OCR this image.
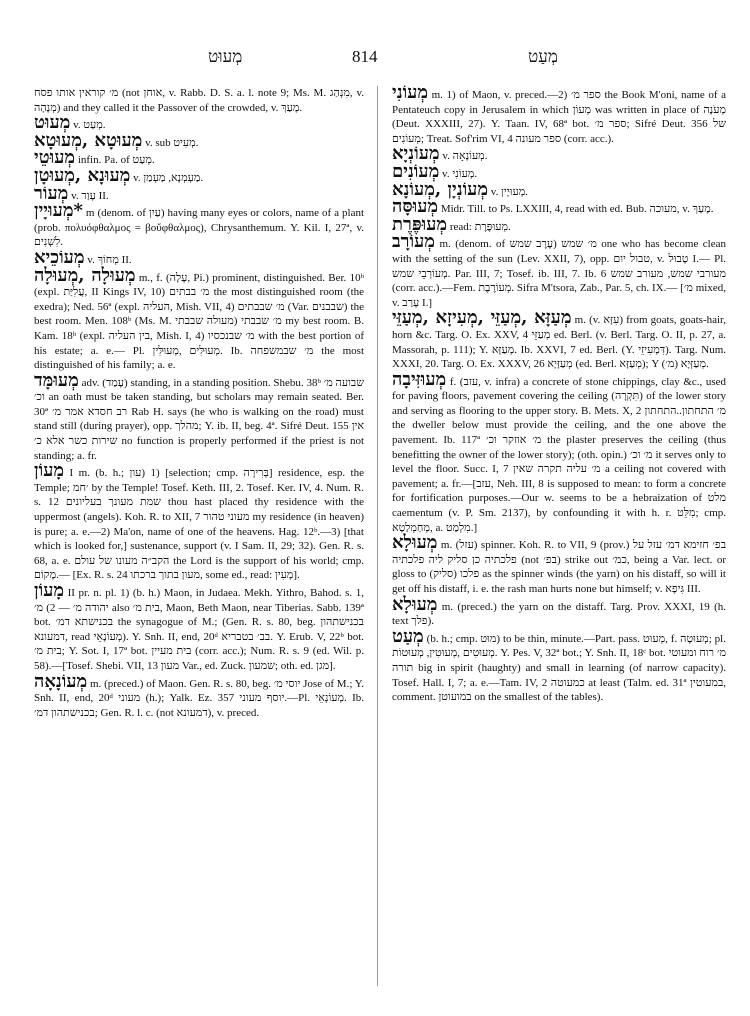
מְעוּט	814	מְעַט
מ׳ קוראין אותו פסח (not אוחן, v. Rabb. D. S. a. l. note 9; Ms. M. מִנְהַג, v. מְנָהָה) and they called it the Passover of the crowded, v. מָעַךְ.
מְעוּט v. מְעַט.
מְעוּטָא ,מְעוּטָא v. sub מְעִיט.
מְעוּטֵי infin. Pa. of מְעַט.
מְעוּנָא ,מְעוּטָן v. מַעְמְנָא, מַעְמַן.
מְעוֹר v. עָוַר II.
*מְעוּיָין m (denom. of עַיִן) having many eyes or colors, name of a plant (prob. πολυόφθαλμος = βοὔφθαλμος), Chrysanthemum. Y. Kil. I, 27ª, v. לִשְׁנִים.
מְעוֹכֵיא v. מְחוֹךְ II.
מְעוּלָה ,מְעוּלָה m., f. (עָלָה, Pi.) prominent, distinguished. Ber. 10ᵇ (expl. עֲלִיַּת, II Kings IV, 10) מ׳ בבתים the most distinguished room (the exedra); Ned. 56ª (expl. העליה, Mish. VII, 4) מ׳ שבבתים (Var. שבבנים) the best room. Men. 108ᵇ (Ms. M. מעולה שבבתי) מ׳ שבבתי my best room. B. Kam. 18ᵇ (expl. בין העליה, Mish. I, 4) מ׳ שבנכסיו with the best portion of his estate; a. e.— Pl. מְעוּלִּים ,מְעוּלִּין. Ib. מ׳ שבמשפחה the most distinguished of his family; a. e.
מְעוּמָּד adv. (עָמַד) standing, in a standing position. Shebu. 38ᵇ שבועה מ׳ וכ׳ an oath must be taken standing, but scholars may remain seated. Ber. 30ª רב חסדא אמר מ׳ Rab H. says (he who is walking on the road) must stand still (during prayer), opp. מהלך; Y. ib. II, beg. 4ª. Sifré Deut. 155 אין שירות כשר אלא כ׳ no function is properly performed if the priest is not standing; a. fr.
מָעוֹן I m. (b. h.; עון) 1) [selection; cmp. בְּרִירָה] residence, esp. the Temple; ׳חמ by the Temple! Tosef. Keth. III, 2. Tosef. Ker. IV, 4. Num. R. s. 12 שמת מעונך בעליונים thou hast placed thy residence with the uppermost (angels). Koh. R. to XII, 7 מעוני טהור my residence (in heaven) is pure; a. e.—2) Ma'on, name of one of the heavens. Hag. 12ᵇ.—3) [that which is looked for,] sustenance, support (v. I Sam. II, 29; 32). Gen. R. s. 68, a. e. הקב״ה מעונו של עולם the Lord is the support of his world; cmp. מָקוֹם.— [Ex. R. s. 24 מעון בתוך ברכתו, some ed., read: מְעִין].
מָעוֹן II pr. n. pl. 1) (b. h.) Maon, in Judaea. Mekh. Yithro, Bahod. s. 1, יהודה מ׳ — 2) מ׳ also בית מ׳, Maon, Beth Maon, near Tiberias. Sabb. 139ª bot. בכנישתא דמ׳ the synagogue of M.; (Gen. R. s. 80, beg. בכנישתהון דמעונא, read מְעוֹנָאֵי). Y. Snh. II, end, 20ᵈ בב׳ בטבריא. Y. Erub. V, 22ᵇ bot. בית מ׳; Y. Sot. I, 17ª bot. בית מעיין (corr. acc.); Num. R. s. 9 (ed. Wil. p. 58).—[Tosef. Shebi. VII, 13 מעון Var., ed. Zuck. שמעון; oth. ed. מגן].
מְעוֹנָאָה m. (preced.) of Maon. Gen. R. s. 80, beg. יוסי מ׳ Jose of M.; Y. Snh. II, end, 20ᵈ מעוני (h.); Yalk. Ez. 357 יוסף מעוני.—Pl. מְעוֹנָאֵי. Ib. בכנישתהון דמ׳; Gen. R. l. c. (not דמעונא), v. preced.
מְעוֹנִי m. 1) of Maon, v. preced.—2) ספר מ׳ the Book M'oni, name of a Pentateuch copy in Jerusalem in which מְעוֹן was written in place of מְעֹנָה (Deut. XXXIII, 27). Y. Taan. IV, 68ª bot. ספר מ׳; Sifré Deut. 356 של מְעוֹנִים; Treat. Sof'rim VI, 4 ספר מעונה (corr. acc.).
מְעוֹנְיָא v. מְעוֹנָאָה.
מְעוֹנִים v. מְעוֹנִי.
מְעוֹנְיָן ,מְעוֹנָא v. מְעוּיָין.
מְעוּסָּה Midr. Till. to Ps. LXXIII, 4, read with ed. Bub. מעוכה, v. מָעַךְ.
מְעוּפֶּרֶת read: מְעוּפֶּרֶת.
מְעוֹרָב m. (denom. of עֶרֶב שמש) מ׳ שמש one who has become clean with the setting of the sun (Lev. XXII, 7), opp. טבול יום, v. טָבוּל I.— Pl. מְעוֹרְבֵי שמש. Par. III, 7; Tosef. ib. III, 7. Ib. 6 מעורבי שמש, מעורב שמש (corr. acc.).—Fem. מְעוֹרֶבֶת. Sifra M'tsora, Zab., Par. 5, ch. IX.— [מ׳ mixed, v. עָרַב I.]
מְעַזָּא ,מְעַזֵּי ,מְעִיזָא ,מְעַזֵּי m. (v. עִזָּא) from goats, goats-hair, horn &c. Targ. O. Ex. XXV, 4 מְעַזֵּי ed. Berl. (v. Berl. Targ. O. II, p. 27, a. Massorah, p. 111); Y. מְעַזָּא. Ib. XXVI, 7 ed. Berl. (Y. דִּמְעִיזֵי). Targ. Num. XXXI, 20. Targ. O. Ex. XXXV, 26 מְעַזָּיָא (ed. Berl. מְעַזָּא); Y מְעַזְּיָא (מ׳).
מְעוּזִּיבָה f. (עזב, v. infra) a concrete of stone chippings, clay &c., used for paving floors, pavement covering the ceiling (תִּקְרָה) of the lower story and serving as flooring to the upper story. B. Mets. X, 2 מ׳ התחתון..התחתון the dweller below must provide the ceiling, and the one above the pavement. Ib. 117ª מ׳ אוזקר וכ׳ the plaster preserves the ceiling (thus benefitting the owner of the lower story); (oth. opin.) מ׳ וכ׳ it serves only to level the floor. Succ. I, 7 מ׳ עליה תקרה שאין a ceiling not covered with pavement; a. fr.—[עזב, Neh. III, 8 is supposed to mean: to form a concrete for fortification purposes.—Our w. seems to be a hebraization of מלט caementum (v. P. Sm. 2137), by confounding it with h. r. מִלֵּט; cmp. מְחַמְלַטָא, a. מִלְמַט.]
מְעוּלָא m. (עזל) spinner. Koh. R. to VII, 9 (prov.) בפ׳ חזימא דמ׳ עזל על פלכתיה כן סליק ליה פלכתיה (not בפ׳) strike out כמ׳, being a Var. lect. or gloss to פלכו (סליק) as the spinner winds (the yarn) on his distaff, so will it get off his distaff, i. e. the rash man hurts none but himself; v. גִּיפָא III.
מְעוּלָא m. (preced.) the yarn on the distaff. Targ. Prov. XXXI, 19 (h. text פלך).
מְעַט (b. h.; cmp. מוּט) to be thin, minute.—Part. pass. מְעוּט, f. מְעוּטָה; pl. מְעוּטִים ,מְעוּטִין, מְעוּטוֹת. Y. Pes. V, 32ª bot.; Y. Snh. II, 18ᶜ bot. מ׳ רוח ומעוטי תורה big in spirit (haughty) and small in learning (of narrow capacity). Tosef. Hall. I, 7; a. e.—Tam. IV, 2 כמעוטה at least (Talm. ed. 31ª במעוטין, comment. במועוטן on the smallest of the tables).
